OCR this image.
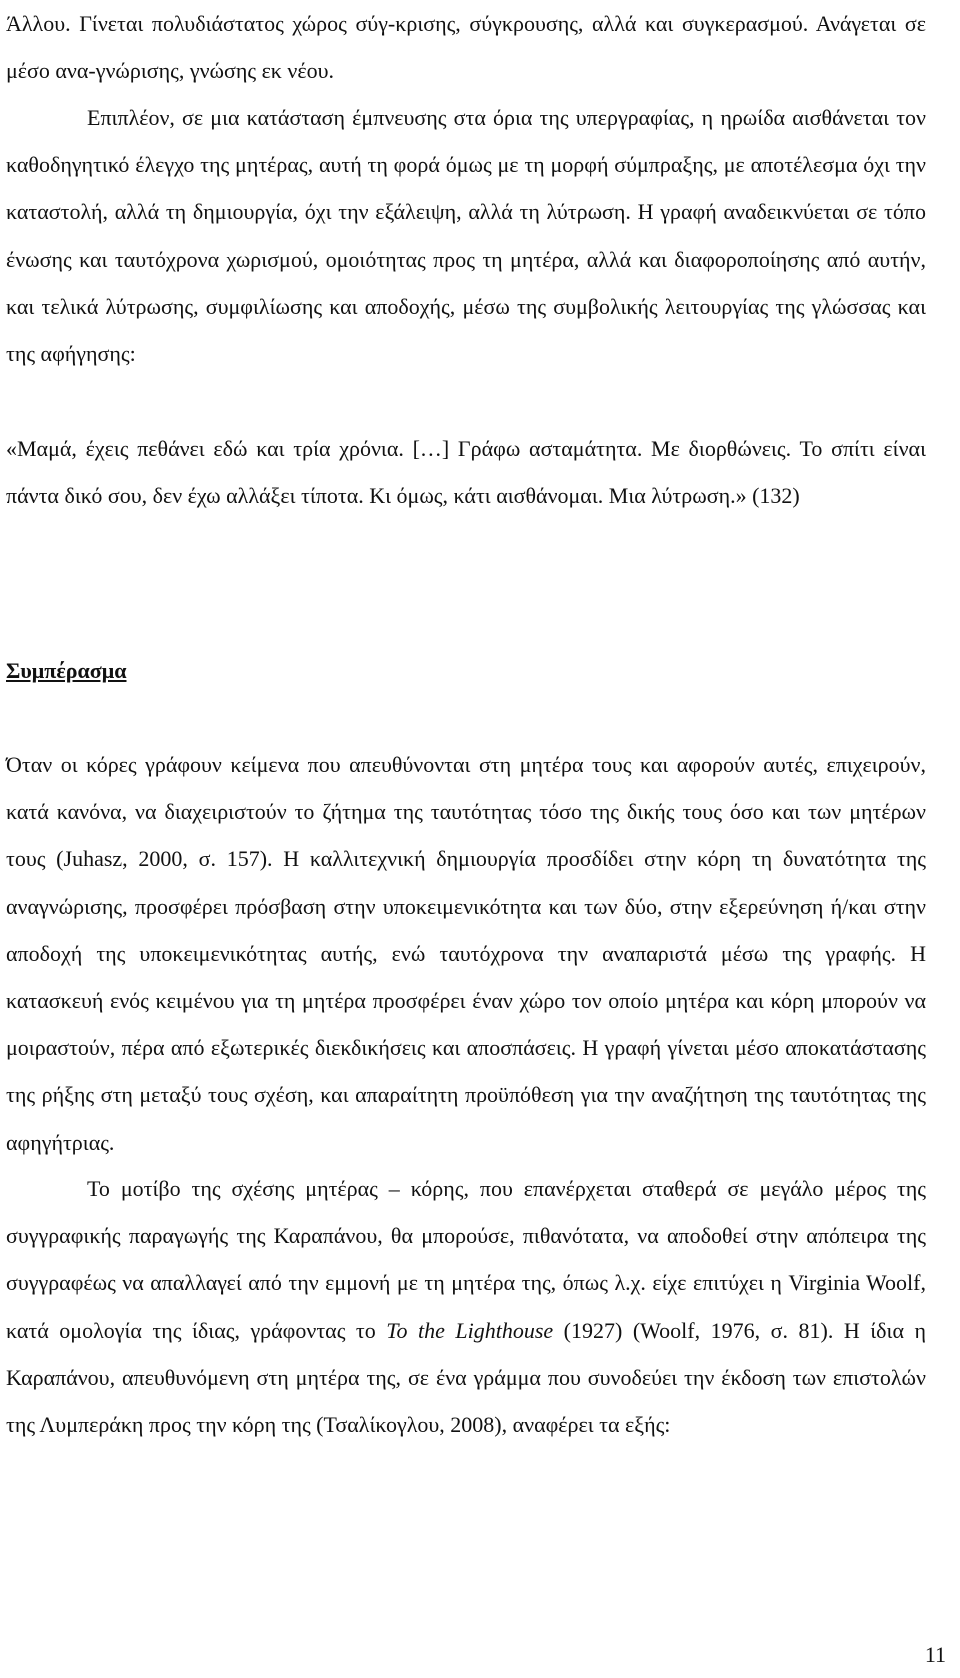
Άλλου. Γίνεται πολυδιάστατος χώρος σύγ-κρισης, σύγκρουσης, αλλά και συγκερασμού. Ανάγεται σε μέσο ανα-γνώρισης, γνώσης εκ νέου.

Επιπλέον, σε μια κατάσταση έμπνευσης στα όρια της υπεργραφίας, η ηρωίδα αισθάνεται τον καθοδηγητικό έλεγχο της μητέρας, αυτή τη φορά όμως με τη μορφή σύμπραξης, με αποτέλεσμα όχι την καταστολή, αλλά τη δημιουργία, όχι την εξάλειψη, αλλά τη λύτρωση. Η γραφή αναδεικνύεται σε τόπο ένωσης και ταυτόχρονα χωρισμού, ομοιότητας προς τη μητέρα, αλλά και διαφοροποίησης από αυτήν, και τελικά λύτρωσης, συμφιλίωσης και αποδοχής, μέσω της συμβολικής λειτουργίας της γλώσσας και της αφήγησης:

«Μαμά, έχεις πεθάνει εδώ και τρία χρόνια. […] Γράφω ασταμάτητα. Με διορθώνεις. Το σπίτι είναι πάντα δικό σου, δεν έχω αλλάξει τίποτα. Κι όμως, κάτι αισθάνομαι. Μια λύτρωση.» (132)

Συμπέρασμα

Όταν οι κόρες γράφουν κείμενα που απευθύνονται στη μητέρα τους και αφορούν αυτές, επιχειρούν, κατά κανόνα, να διαχειριστούν το ζήτημα της ταυτότητας τόσο της δικής τους όσο και των μητέρων τους (Juhasz, 2000, σ. 157). Η καλλιτεχνική δημιουργία προσδίδει στην κόρη τη δυνατότητα της αναγνώρισης, προσφέρει πρόσβαση στην υποκειμενικότητα και των δύο, στην εξερεύνηση ή/και στην αποδοχή της υποκειμενικότητας αυτής, ενώ ταυτόχρονα την αναπαριστά μέσω της γραφής. Η κατασκευή ενός κειμένου για τη μητέρα προσφέρει έναν χώρο τον οποίο μητέρα και κόρη μπορούν να μοιραστούν, πέρα από εξωτερικές διεκδικήσεις και αποσπάσεις. Η γραφή γίνεται μέσο αποκατάστασης της ρήξης στη μεταξύ τους σχέση, και απαραίτητη προϋπόθεση για την αναζήτηση της ταυτότητας της αφηγήτριας.

Το μοτίβο της σχέσης μητέρας – κόρης, που επανέρχεται σταθερά σε μεγάλο μέρος της συγγραφικής παραγωγής της Καραπάνου, θα μπορούσε, πιθανότατα, να αποδοθεί στην απόπειρα της συγγραφέως να απαλλαγεί από την εμμονή με τη μητέρα της, όπως λ.χ. είχε επιτύχει η Virginia Woolf, κατά ομολογία της ίδιας, γράφοντας το To the Lighthouse (1927) (Woolf, 1976, σ. 81). Η ίδια η Καραπάνου, απευθυνόμενη στη μητέρα της, σε ένα γράμμα που συνοδεύει την έκδοση των επιστολών της Λυμπεράκη προς την κόρη της (Τσαλίκογλου, 2008), αναφέρει τα εξής:

11
